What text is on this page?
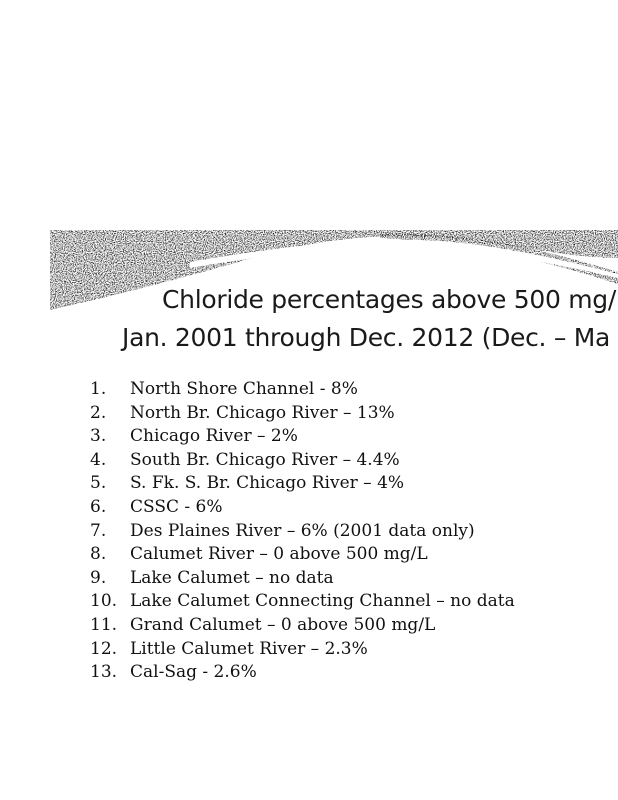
Chloride percentages above 500 mg/
Jan. 2001 through Dec. 2012 (Dec. – Ma
1. North Shore Channel - 8%
2. North Br. Chicago River – 13%
3. Chicago River – 2%
4. South Br. Chicago River – 4.4%
5. S. Fk. S. Br. Chicago River – 4%
6. CSSC - 6%
7. Des Plaines River – 6% (2001 data only)
8. Calumet River – 0 above 500 mg/L
9. Lake Calumet – no data
10. Lake Calumet Connecting Channel – no data
11. Grand Calumet – 0 above 500 mg/L
12. Little Calumet River – 2.3%
13. Cal-Sag - 2.6%
